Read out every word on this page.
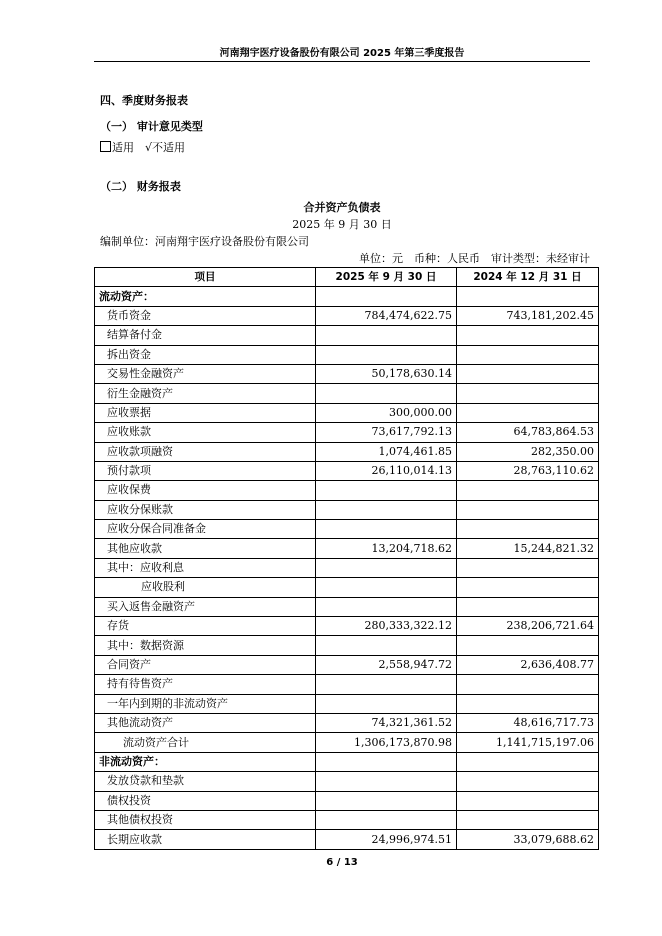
河南翔宇医疗设备股份有限公司 2025 年第三季度报告
四、季度财务报表
（一） 审计意见类型
适用　 √不适用
（二） 财务报表
合并资产负债表
2025 年 9 月 30 日
编制单位：河南翔宇医疗设备股份有限公司
单位：元　币种：人民币　审计类型：未经审计
项目	2025 年 9 月 30 日	2024 年 12 月 31 日
流动资产：		
货币资金	784,474,622.75	743,181,202.45
结算备付金		
拆出资金		
交易性金融资产	50,178,630.14	
衍生金融资产		
应收票据	300,000.00	
应收账款	73,617,792.13	64,783,864.53
应收款项融资	1,074,461.85	282,350.00
预付款项	26,110,014.13	28,763,110.62
应收保费		
应收分保账款		
应收分保合同准备金		
其他应收款	13,204,718.62	15,244,821.32
其中：应收利息		
应收股利		
买入返售金融资产		
存货	280,333,322.12	238,206,721.64
其中：数据资源		
合同资产	2,558,947.72	2,636,408.77
持有待售资产		
一年内到期的非流动资产		
其他流动资产	74,321,361.52	48,616,717.73
流动资产合计	1,306,173,870.98	1,141,715,197.06
非流动资产：		
发放贷款和垫款		
债权投资		
其他债权投资		
长期应收款	24,996,974.51	33,079,688.62
6 / 13
